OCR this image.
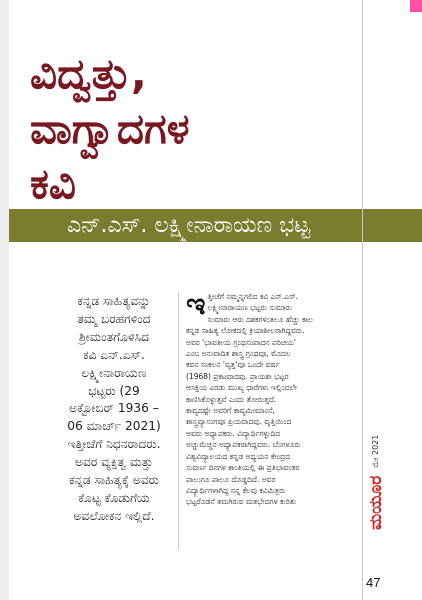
ವಿದ್ವತ್ತು,
ವಾಗ್ವಾದಗಳ
ಕವಿ
ಎನ್.ಎಸ್. ಲಕ್ಷ್ಮೀನಾರಾಯಣ ಭಟ್ಟ
ಕನ್ನಡ ಸಾಹಿತ್ಯವನ್ನು
ತಮ್ಮ ಬರಹಗಳಿಂದ
ಶ್ರೀಮಂತಗೊಳಿಸಿದ
ಕವಿ ಎನ್.ಎಸ್.
ಲಕ್ಷ್ಮೀನಾರಾಯಣ
ಭಟ್ಟರು (29
ಅಕ್ಟೋಬರ್ 1936 –
06 ಮಾರ್ಚ್ 2021)
ಇತ್ತೀಚೆಗೆ ನಿಧನರಾದರು.
ಅವರ ವ್ಯಕ್ತಿತ್ವ ಮತ್ತು
ಕನ್ನಡ ಸಾಹಿತ್ಯಕ್ಕೆ ಅವರು
ಕೊಟ್ಟ ಕೊಡುಗೆಯ
ಅವಲೋಕನ ಇಲ್ಲಿದೆ.
ಇ ತ್ತೀಚೆಗೆ ನಮ್ಮನ್ನಗಲಿದ ಕವಿ ಎನ್.ಎಸ್.
ಲಕ್ಷ್ಮೀನಾರಾಯಣ ಭಟ್ಟರು ಸುಮಾರು
ಸುಮಾರು ಆರು ದಶಕಗಳಿಂತಲೂ ಹೆಚ್ಚು ಕಾಲ
ಕನ್ನಡ ಸಾಹಿತ್ಯ ಲೋಕದಲ್ಲಿ ಕ್ರಿಯಾಶೀಲರಾಗಿದ್ದವರು.
ಅವರ 'ಭಾವತೀಯ ಗ್ರಂಥಸಂಪಾದನ ಪರಿಚಯ'
ಎಂಬ ಅನುವಾದಿತ ಶಾಸ್ತ್ರ ಗ್ರಂಥವೂ, ಮೊದಲ
ಕವನ ಸಂಕಲನ 'ವೃತ್ತ'ವೂ ಒಂದೇ ವರ್ಷ
(1968) ಪ್ರಕಟವಾದವು. ಪ್ರಾಯಶಃ ಭಟ್ಟರ
ಆಸಕ್ತಿಯ ಎರಡು ಮುಖ್ಯ ಧಾರೆಗಳು ಇಲ್ಲಿಂದಲೇ
ಕಾಣಿಸಿಕೊಳ್ಳುತ್ತವೆ ಎಂದು ತೋರುತ್ತದೆ.
ಕಾವ್ಯದಷ್ಟೇ ಅವರಿಗೆ ಕಾವ್ಯಮೀಮಾಂಸೆ,
ಶಾಸ್ತ್ರವ್ಯಾಸಂಗವೂ ಪ್ರಿಯವಾದವು. ವೃತ್ತಿಯಿಂದ
ಅವರು ಅಧ್ಯಾಪಕರು. ವಿದ್ಯಾರ್ಥಿಗಳ್ಳುದಿದ
ಅಚ್ಚುಮೆಚ್ಚಿನ ಅಧ್ಯಾಪಕರಾಗಿದ್ದವರು. ಬೆಂಗಳೂರು
ವಿಶ್ವವಿದ್ಯಾಲಯದ ಕನ್ನಡ ಅಧ್ಯಯನ ಕೇಂದ್ರದ
ಸುವರ್ಣ ದಿನಗಳ ಕಾಂತಿಯಲ್ಲಿ ಈ ಪ್ರತಿಭಾವಂತರ
ಪಾಲುಗೂ ಪಾಲೂ ದೊಡ್ಡದಿದೆ. ಅವರ
ವಿದ್ಯಾರ್ಥಿಗಳಾಗಿದ್ದ ನನ್ನ ಕೆಲವು ಕವಿಮಿತ್ರರು
ಭಟ್ಟರೊಡನೆ ತಮಗಿರುವ ಮತಭೇದಗಳ ಕುರಿತು	ಮಯೂರ
ಮೇ 2021
47
